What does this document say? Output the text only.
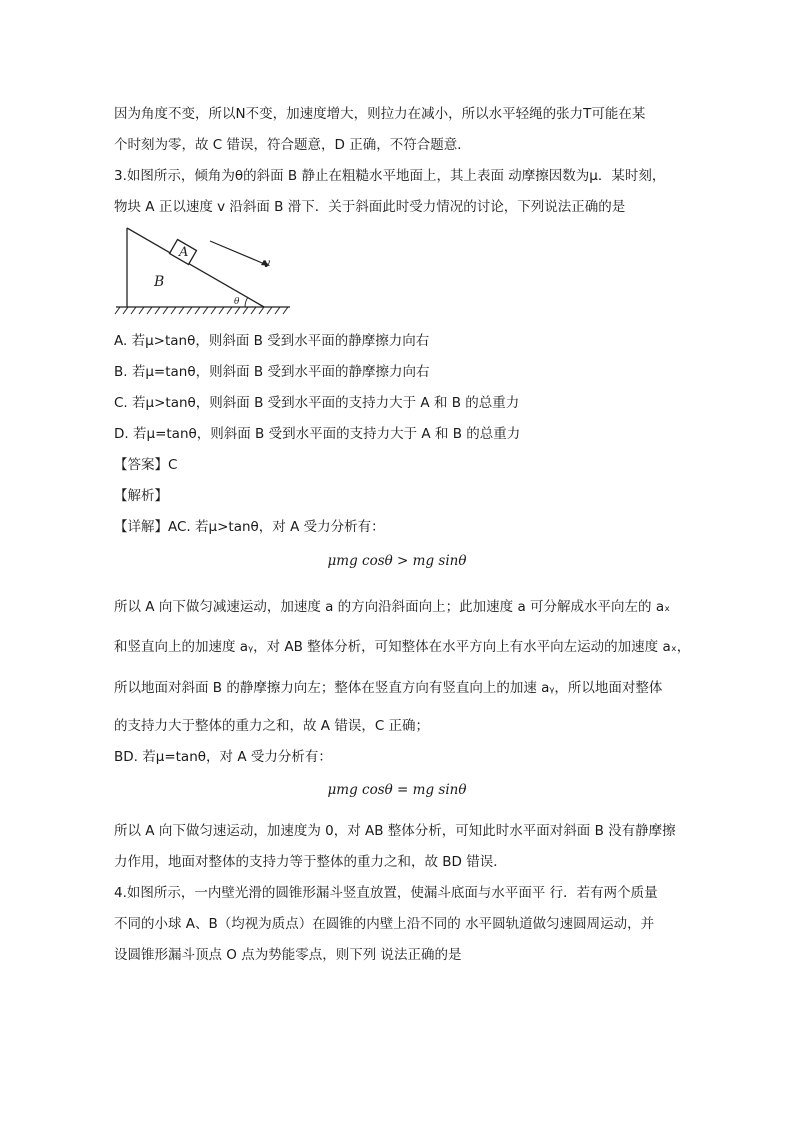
因为角度不变，所以N不变，加速度增大，则拉力在减小，所以水平轻绳的张力T可能在某
个时刻为零，故 C 错误，符合题意，D 正确，不符合题意．
3.如图所示，倾角为θ的斜面 B 静止在粗糙水平地面上，其上表面 动摩擦因数为μ．某时刻，
物块 A 正以速度 v 沿斜面 B 滑下．关于斜面此时受力情况的讨论，下列说法正确的是
A
B
v
θ
A. 若μ>tanθ，则斜面 B 受到水平面的静摩擦力向右
B. 若μ=tanθ，则斜面 B 受到水平面的静摩擦力向右
C. 若μ>tanθ，则斜面 B 受到水平面的支持力大于 A 和 B 的总重力
D. 若μ=tanθ，则斜面 B 受到水平面的支持力大于 A 和 B 的总重力
【答案】C
【解析】
【详解】AC. 若μ>tanθ，对 A 受力分析有：
μmg cosθ > mg sinθ
所以 A 向下做匀减速运动，加速度 a 的方向沿斜面向上；此加速度 a 可分解成水平向左的 aₓ
和竖直向上的加速度 aᵧ，对 AB 整体分析，可知整体在水平方向上有水平向左运动的加速度 aₓ，
所以地面对斜面 B 的静摩擦力向左；整体在竖直方向有竖直向上的加速 aᵧ，所以地面对整体
的支持力大于整体的重力之和，故 A 错误，C 正确；
BD. 若μ=tanθ，对 A 受力分析有：
μmg cosθ = mg sinθ
所以 A 向下做匀速运动，加速度为 0，对 AB 整体分析，可知此时水平面对斜面 B 没有静摩擦
力作用，地面对整体的支持力等于整体的重力之和，故 BD 错误．
4.如图所示，一内壁光滑的圆锥形漏斗竖直放置，使漏斗底面与水平面平 行．若有两个质量
不同的小球 A、B（均视为质点）在圆锥的内壁上沿不同的 水平圆轨道做匀速圆周运动，并
设圆锥形漏斗顶点 O 点为势能零点，则下列 说法正确的是
